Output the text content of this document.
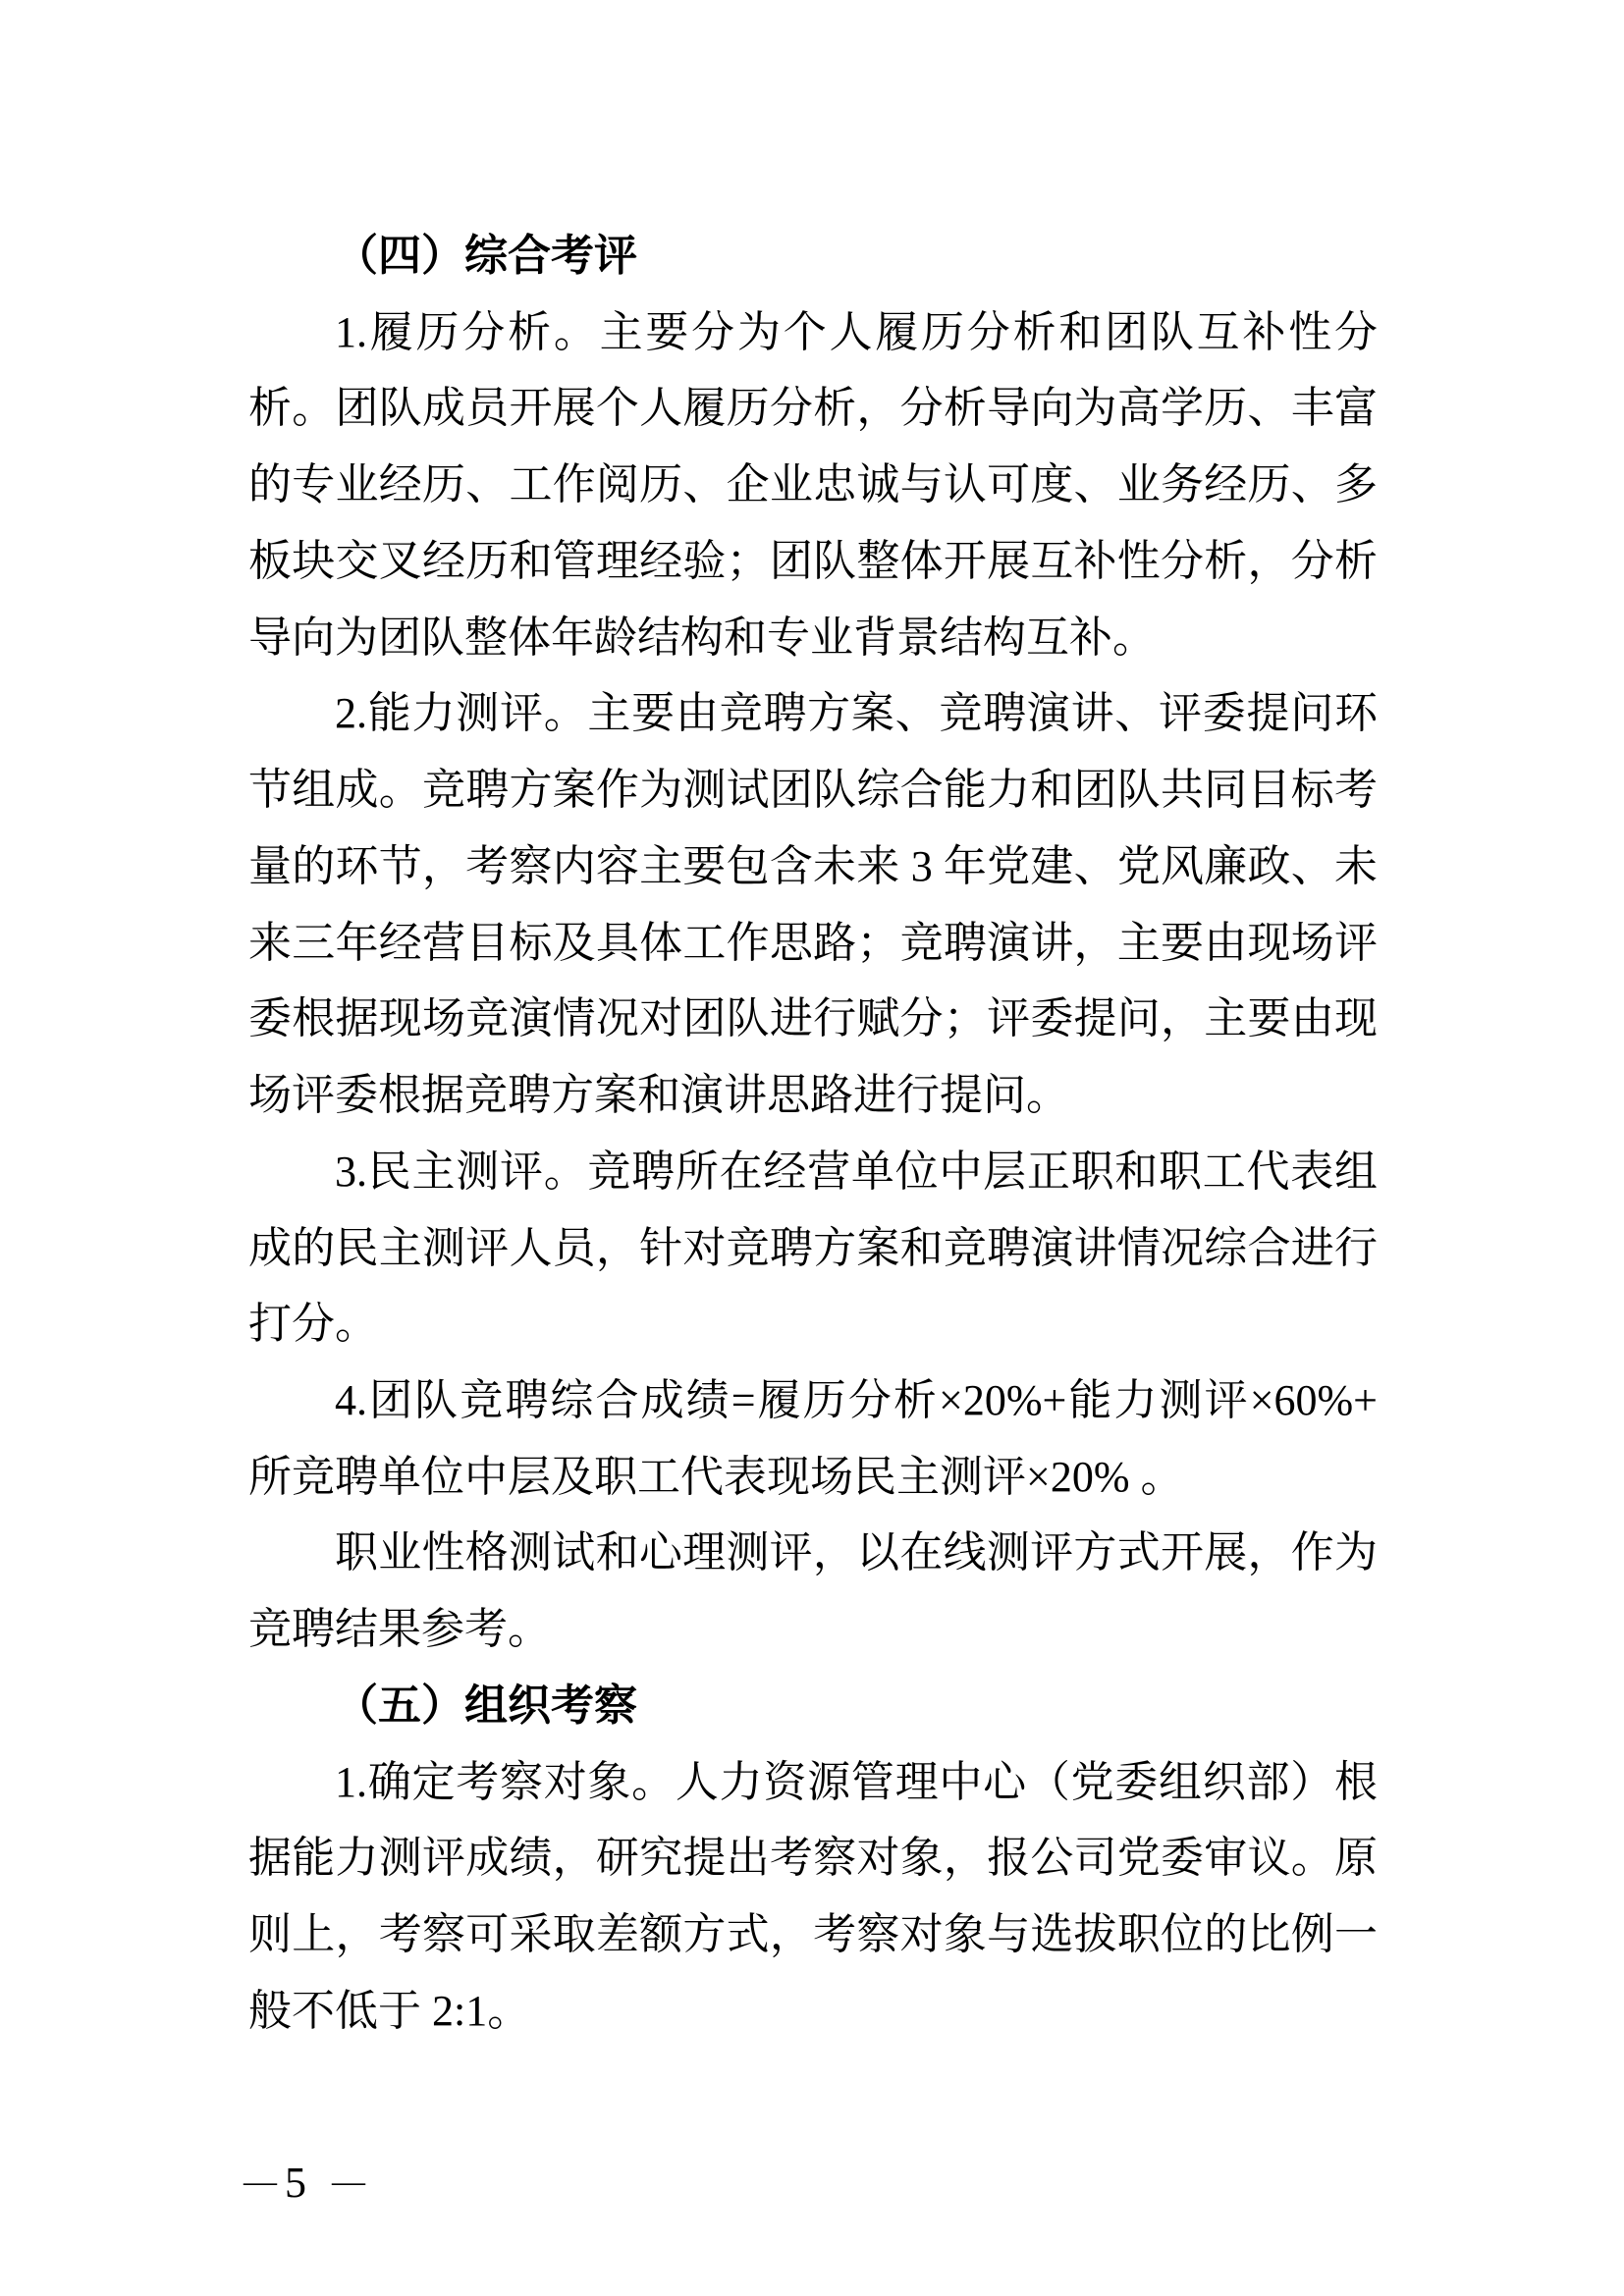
（四）综合考评
1.履历分析。主要分为个人履历分析和团队互补性分
析。团队成员开展个人履历分析，分析导向为高学历、丰富
的专业经历、工作阅历、企业忠诚与认可度、业务经历、多
板块交叉经历和管理经验；团队整体开展互补性分析，分析
导向为团队整体年龄结构和专业背景结构互补。
2.能力测评。主要由竞聘方案、竞聘演讲、评委提问环
节组成。竞聘方案作为测试团队综合能力和团队共同目标考
量的环节，考察内容主要包含未来 3 年党建、党风廉政、未
来三年经营目标及具体工作思路；竞聘演讲，主要由现场评
委根据现场竞演情况对团队进行赋分；评委提问，主要由现
场评委根据竞聘方案和演讲思路进行提问。
3.民主测评。竞聘所在经营单位中层正职和职工代表组
成的民主测评人员，针对竞聘方案和竞聘演讲情况综合进行
打分。
4.团队竞聘综合成绩=履历分析×20%+能力测评×60%+
所竞聘单位中层及职工代表现场民主测评×20% 。
职业性格测试和心理测评，以在线测评方式开展，作为
竞聘结果参考。
（五）组织考察
1.确定考察对象。人力资源管理中心（党委组织部）根
据能力测评成绩，研究提出考察对象，报公司党委审议。原
则上，考察可采取差额方式，考察对象与选拔职位的比例一
般不低于 2:1。
— 5 —
